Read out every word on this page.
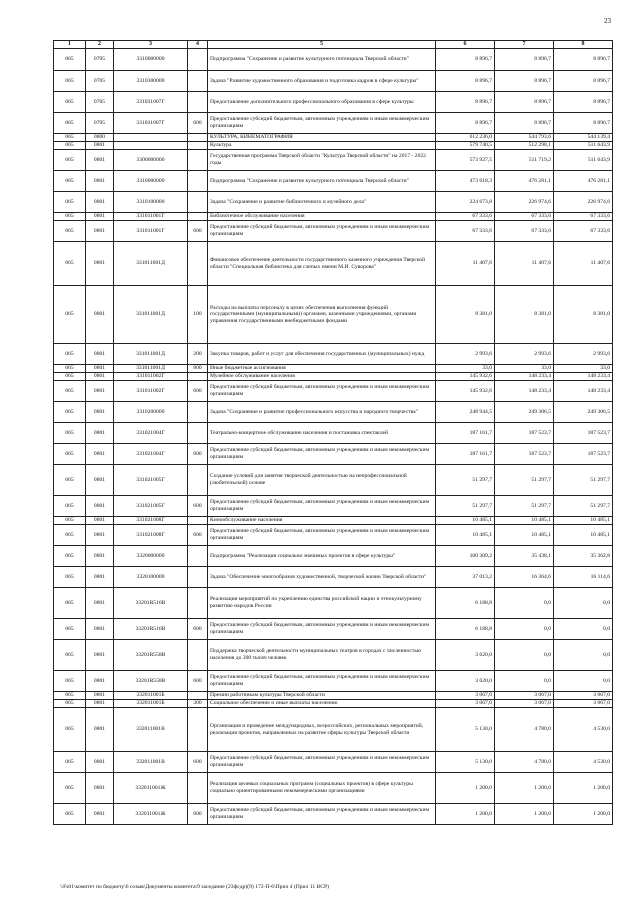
23
1	2	3	4	5	6	7	8
065	0705	3310000000		Подпрограмма "Сохранение и развитие культурного потенциала Тверской области"	8 896,7	8 896,7	8 896,7
065	0705	3310300000		Задача "Развитие художественного образования и подготовка кадров в сфере культуры"	8 896,7	8 896,7	8 896,7
065	0705	331031007Г		Предоставление дополнительного профессионального образования в сфере культуры	8 896,7	8 896,7	8 896,7
065	0705	331031007Г	600	Предоставление субсидий бюджетным, автономным учреждениям и иным некоммерческим организациям	8 896,7	8 896,7	8 896,7
065	0800			КУЛЬТУРА, КИНЕМАТОГРАФИЯ	612 236,0	544 793,6	544 139,4
065	0801			Культура	579 740,5	512 298,1	511 643,9
065	0801	3300000000		Государственная программа Тверской области "Культура Тверской области" на 2017 - 2022 годы	573 927,5	511 719,2	511 643,9
065	0801	3310000000		Подпрограмма "Сохранение и развитие культурного потенциала Тверской области"	473 618,3	476 281,1	476 281,1
065	0801	3310100000		Задача "Сохранение и развитие библиотечного и музейного дела"	224 673,8	226 974,6	226 974,6
065	0801	331011001Г		Библиотечное обслуживание населения	67 333,6	67 333,6	67 333,6
065	0801	331011001Г	600	Предоставление субсидий бюджетным, автономным учреждениям и иным некоммерческим организациям	67 333,6	67 333,6	67 333,6
065	0801	331011001Д		Финансовое обеспечение деятельности государственного казенного учреждения Тверской области "Специальная библиотека для слепых имени М.И. Суворова"	11 407,6	11 407,6	11 407,6
065	0801	331011001Д	100	Расходы на выплаты персоналу в целях обеспечения выполнения функций государственными (муниципальными) органами, казенными учреждениями, органами управления государственными внебюджетными фондами	8 381,0	8 381,0	8 381,0
065	0801	331011001Д	200	Закупка товаров, работ и услуг для обеспечения государственных (муниципальных) нужд	2 993,6	2 993,6	2 993,6
065	0801	331011001Д	800	Иные бюджетные ассигнования	33,0	33,0	33,0
065	0801	331011002Г		Музейное обслуживание населения	145 932,6	148 233,4	148 233,4
065	0801	331011002Г	600	Предоставление субсидий бюджетным, автономным учреждениям и иным некоммерческим организациям	145 932,6	148 233,4	148 233,4
065	0801	3310200000		Задача "Сохранение и развитие профессионального искусства и народного творчества"	248 944,5	249 306,5	249 306,5
065	0801	331021004Г		Театрально-концертное обслуживание населения и постановка спектаклей	187 161,7	187 523,7	187 523,7
065	0801	331021004Г	600	Предоставление субсидий бюджетным, автономным учреждениям и иным некоммерческим организациям	187 161,7	187 523,7	187 523,7
065	0801	331021005Г		Создание условий для занятия творческой деятельностью на непрофессиональной (любительской) основе	51 297,7	51 297,7	51 297,7
065	0801	331021005Г	600	Предоставление субсидий бюджетным, автономным учреждениям и иным некоммерческим организациям	51 297,7	51 297,7	51 297,7
065	0801	331021008Г		Кинообслуживание населения	10 485,1	10 485,1	10 485,1
065	0801	331021008Г	600	Предоставление субсидий бюджетным, автономным учреждениям и иным некоммерческим организациям	10 485,1	10 485,1	10 485,1
065	0801	3320000000		Подпрограмма "Реализация социально значимых проектов в сфере культуры"	100 309,2	35 438,1	35 362,8
065	0801	3320100000		Задача "Обеспечение многообразия художественной, творческой жизни Тверской области"	37 013,2	16 364,6	16 114,6
065	0801	33201R516B		Реализация мероприятий по укреплению единства российской нации и этнокультурному развитию народов России	6 188,8	0,0	0,0
065	0801	33201R516B	600	Предоставление субсидий бюджетным, автономным учреждениям и иным некоммерческим организациям	6 188,8	0,0	0,0
065	0801	33201R558B		Поддержка творческой деятельности муниципальных театров в городах с численностью населения до 300 тысяч человек	3 620,0	0,0	0,0
065	0801	33201R558B	600	Предоставление субсидий бюджетным, автономным учреждениям и иным некоммерческим организациям	3 620,0	0,0	0,0
065	0801	332011001Б		Премии работникам культуры Тверской области	3 067,0	3 067,0	3 067,0
065	0801	332011001Б	300	Социальное обеспечение и иные выплаты населению	3 067,0	3 067,0	3 067,0
065	0801	332011001B		Организация и проведение международных, всероссийских, региональных мероприятий, реализация проектов, направленных на развитие сферы культуры Тверской области	5 130,0	4 780,0	4 530,0
065	0801	332011001B	600	Предоставление субсидий бюджетным, автономным учреждениям и иным некоммерческим организациям	5 130,0	4 780,0	4 530,0
065	0801	332011001Ж		Реализация целевых социальных программ (социальных проектов) в сфере культуры социально ориентированными некоммерческими организациями	1 200,0	1 200,0	1 200,0
065	0801	332011001Ж	600	Предоставление субсидий бюджетным, автономным учреждениям и иным некоммерческим организациям	1 200,0	1 200,0	1 200,0
\\Fs01\комитет по бюджету\6 созыв\Документы комитета\9 заседание (23фсдр)(9) 172-П-6\Прил 4 (Прил 11 ВСР)
